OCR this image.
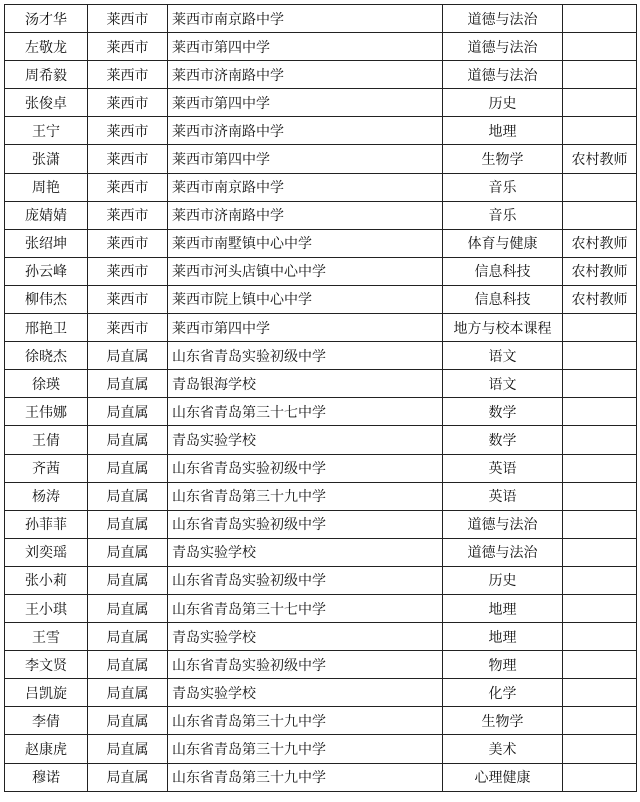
汤才华	莱西市	莱西市南京路中学	道德与法治	
左敬龙	莱西市	莱西市第四中学	道德与法治	
周希毅	莱西市	莱西市济南路中学	道德与法治	
张俊卓	莱西市	莱西市第四中学	历史	
王宁	莱西市	莱西市济南路中学	地理	
张潇	莱西市	莱西市第四中学	生物学	农村教师
周艳	莱西市	莱西市南京路中学	音乐	
庞婧婧	莱西市	莱西市济南路中学	音乐	
张绍坤	莱西市	莱西市南墅镇中心中学	体育与健康	农村教师
孙云峰	莱西市	莱西市河头店镇中心中学	信息科技	农村教师
柳伟杰	莱西市	莱西市院上镇中心中学	信息科技	农村教师
邢艳卫	莱西市	莱西市第四中学	地方与校本课程	
徐晓杰	局直属	山东省青岛实验初级中学	语文	
徐瑛	局直属	青岛银海学校	语文	
王伟娜	局直属	山东省青岛第三十七中学	数学	
王倩	局直属	青岛实验学校	数学	
齐茜	局直属	山东省青岛实验初级中学	英语	
杨涛	局直属	山东省青岛第三十九中学	英语	
孙菲菲	局直属	山东省青岛实验初级中学	道德与法治	
刘奕瑶	局直属	青岛实验学校	道德与法治	
张小莉	局直属	山东省青岛实验初级中学	历史	
王小琪	局直属	山东省青岛第三十七中学	地理	
王雪	局直属	青岛实验学校	地理	
李文贤	局直属	山东省青岛实验初级中学	物理	
吕凯旋	局直属	青岛实验学校	化学	
李倩	局直属	山东省青岛第三十九中学	生物学	
赵康虎	局直属	山东省青岛第三十九中学	美术	
穆诺	局直属	山东省青岛第三十九中学	心理健康	
